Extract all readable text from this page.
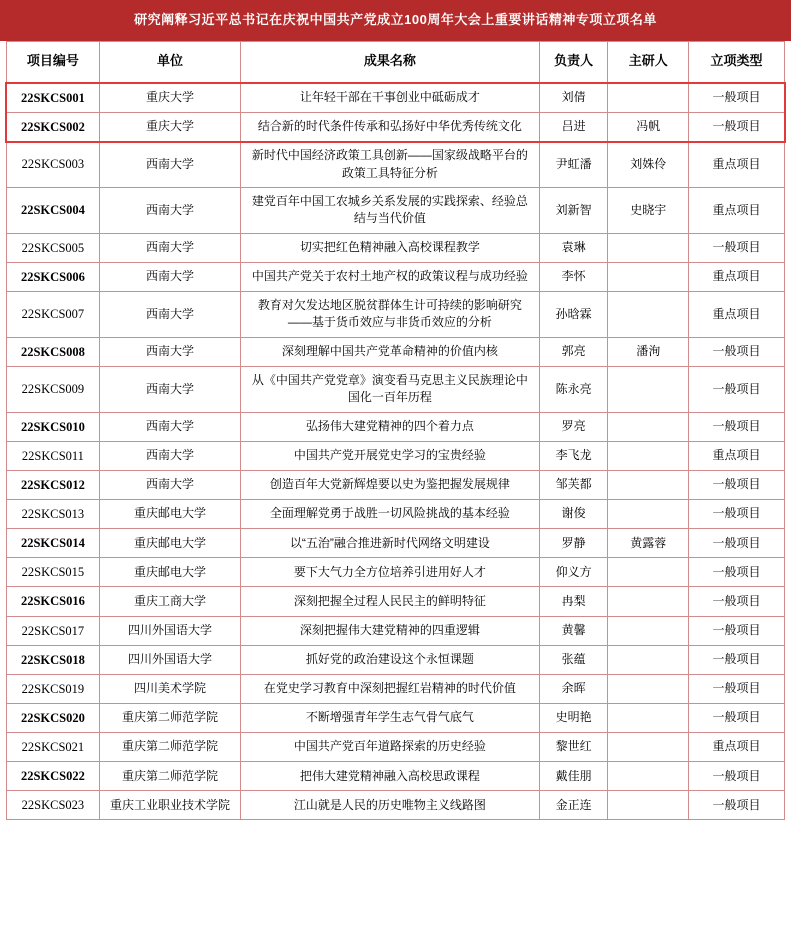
研究阐释习近平总书记在庆祝中国共产党成立100周年大会上重要讲话精神专项立项名单
项目编号	单位	成果名称	负责人	主研人	立项类型
22SKCS001	重庆大学	让年轻干部在干事创业中砥砺成才	刘倩		一般项目
22SKCS002	重庆大学	结合新的时代条件传承和弘扬好中华优秀传统文化	吕进	冯帆	一般项目
22SKCS003	西南大学	新时代中国经济政策工具创新——国家级战略平台的政策工具特征分析	尹虹潘	刘姝伶	重点项目
22SKCS004	西南大学	建党百年中国工农城乡关系发展的实践探索、经验总结与当代价值	刘新智	史晓宇	重点项目
22SKCS005	西南大学	切实把红色精神融入高校课程教学	袁琳		一般项目
22SKCS006	西南大学	中国共产党关于农村土地产权的政策议程与成功经验	李怀		重点项目
22SKCS007	西南大学	教育对欠发达地区脱贫群体生计可持续的影响研究——基于货币效应与非货币效应的分析	孙晗霖		重点项目
22SKCS008	西南大学	深刻理解中国共产党革命精神的价值内核	郭亮	潘洵	一般项目
22SKCS009	西南大学	从《中国共产党党章》演变看马克思主义民族理论中国化一百年历程	陈永亮		一般项目
22SKCS010	西南大学	弘扬伟大建党精神的四个着力点	罗亮		一般项目
22SKCS011	西南大学	中国共产党开展党史学习的宝贵经验	李飞龙		重点项目
22SKCS012	西南大学	创造百年大党新辉煌要以史为鉴把握发展规律	邹芙都		一般项目
22SKCS013	重庆邮电大学	全面理解党勇于战胜一切风险挑战的基本经验	谢俊		一般项目
22SKCS014	重庆邮电大学	以“五治”融合推进新时代网络文明建设	罗静	黄露蓉	一般项目
22SKCS015	重庆邮电大学	要下大气力全方位培养引进用好人才	仰义方		一般项目
22SKCS016	重庆工商大学	深刻把握全过程人民民主的鲜明特征	冉梨		一般项目
22SKCS017	四川外国语大学	深刻把握伟大建党精神的四重逻辑	黄馨		一般项目
22SKCS018	四川外国语大学	抓好党的政治建设这个永恒课题	张蕴		一般项目
22SKCS019	四川美术学院	在党史学习教育中深刻把握红岩精神的时代价值	余晖		一般项目
22SKCS020	重庆第二师范学院	不断增强青年学生志气骨气底气	史明艳		一般项目
22SKCS021	重庆第二师范学院	中国共产党百年道路探索的历史经验	黎世红		重点项目
22SKCS022	重庆第二师范学院	把伟大建党精神融入高校思政课程	戴佳朋		一般项目
22SKCS023	重庆工业职业技术学院	江山就是人民的历史唯物主义线路图	金正连		一般项目
